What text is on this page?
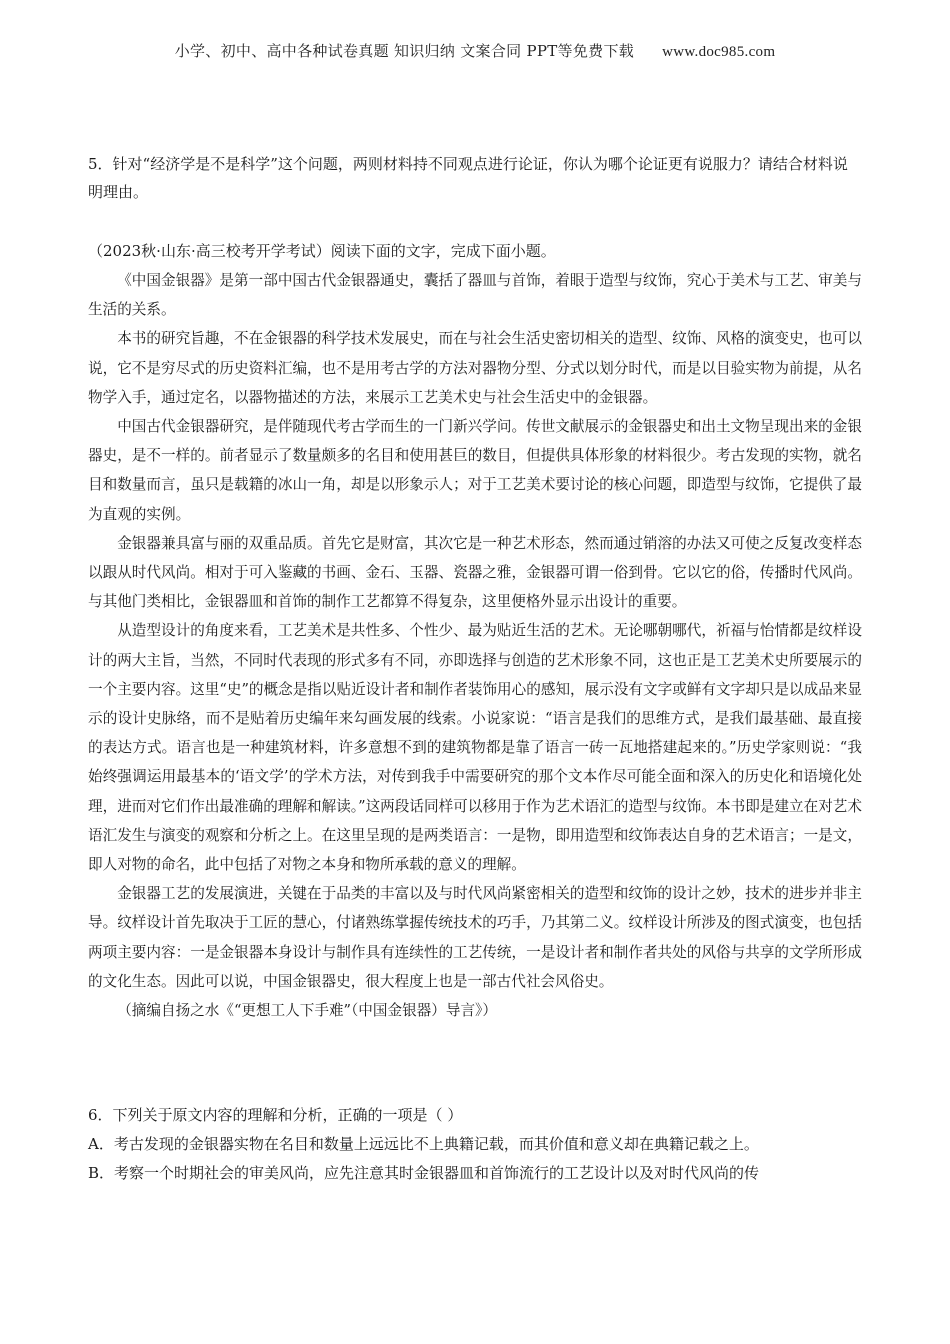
小学、初中、高中各种试卷真题 知识归纳 文案合同 PPT等免费下载 www.doc985.com

5．针对“经济学是不是科学”这个问题，两则材料持不同观点进行论证，你认为哪个论证更有说服力？请结合材料说明理由。

（2023秋·山东·高三校考开学考试）阅读下面的文字，完成下面小题。

《中国金银器》是第一部中国古代金银器通史，囊括了器皿与首饰，着眼于造型与纹饰，究心于美术与工艺、审美与生活的关系。

本书的研究旨趣，不在金银器的科学技术发展史，而在与社会生活史密切相关的造型、纹饰、风格的演变史，也可以说，它不是穷尽式的历史资料汇编，也不是用考古学的方法对器物分型、分式以划分时代，而是以目验实物为前提，从名物学入手，通过定名，以器物描述的方法，来展示工艺美术史与社会生活史中的金银器。

中国古代金银器研究，是伴随现代考古学而生的一门新兴学问。传世文献展示的金银器史和出土文物呈现出来的金银器史，是不一样的。前者显示了数量颇多的名目和使用甚巨的数目，但提供具体形象的材料很少。考古发现的实物，就名目和数量而言，虽只是载籍的冰山一角，却是以形象示人；对于工艺美术要讨论的核心问题，即造型与纹饰，它提供了最为直观的实例。

金银器兼具富与丽的双重品质。首先它是财富，其次它是一种艺术形态，然而通过销溶的办法又可使之反复改变样态以跟从时代风尚。相对于可入鉴藏的书画、金石、玉器、瓷器之雅，金银器可谓一俗到骨。它以它的俗，传播时代风尚。与其他门类相比，金银器皿和首饰的制作工艺都算不得复杂，这里便格外显示出设计的重要。

从造型设计的角度来看，工艺美术是共性多、个性少、最为贴近生活的艺术。无论哪朝哪代，祈福与怡情都是纹样设计的两大主旨，当然，不同时代表现的形式多有不同，亦即选择与创造的艺术形象不同，这也正是工艺美术史所要展示的一个主要内容。这里“史”的概念是指以贴近设计者和制作者装饰用心的感知，展示没有文字或鲜有文字却只是以成品来显示的设计史脉络，而不是贴着历史编年来勾画发展的线索。小说家说：“语言是我们的思维方式，是我们最基础、最直接的表达方式。语言也是一种建筑材料，许多意想不到的建筑物都是靠了语言一砖一瓦地搭建起来的。”历史学家则说：“我始终强调运用最基本的‘语文学’的学术方法，对传到我手中需要研究的那个文本作尽可能全面和深入的历史化和语境化处理，进而对它们作出最准确的理解和解读。”这两段话同样可以移用于作为艺术语汇的造型与纹饰。本书即是建立在对艺术语汇发生与演变的观察和分析之上。在这里呈现的是两类语言：一是物，即用造型和纹饰表达自身的艺术语言；一是文，即人对物的命名，此中包括了对物之本身和物所承载的意义的理解。

金银器工艺的发展演进，关键在于品类的丰富以及与时代风尚紧密相关的造型和纹饰的设计之妙，技术的进步并非主导。纹样设计首先取决于工匠的慧心，付诸熟练掌握传统技术的巧手，乃其第二义。纹样设计所涉及的图式演变，也包括两项主要内容：一是金银器本身设计与制作具有连续性的工艺传统，一是设计者和制作者共处的风俗与共享的文学所形成的文化生态。因此可以说，中国金银器史，很大程度上也是一部古代社会风俗史。

（摘编自扬之水《“更想工人下手难”（中国金银器）导言》）

6．下列关于原文内容的理解和分析，正确的一项是（ ）

A．考古发现的金银器实物在名目和数量上远远比不上典籍记载，而其价值和意义却在典籍记载之上。

B．考察一个时期社会的审美风尚，应先注意其时金银器皿和首饰流行的工艺设计以及对时代风尚的传
